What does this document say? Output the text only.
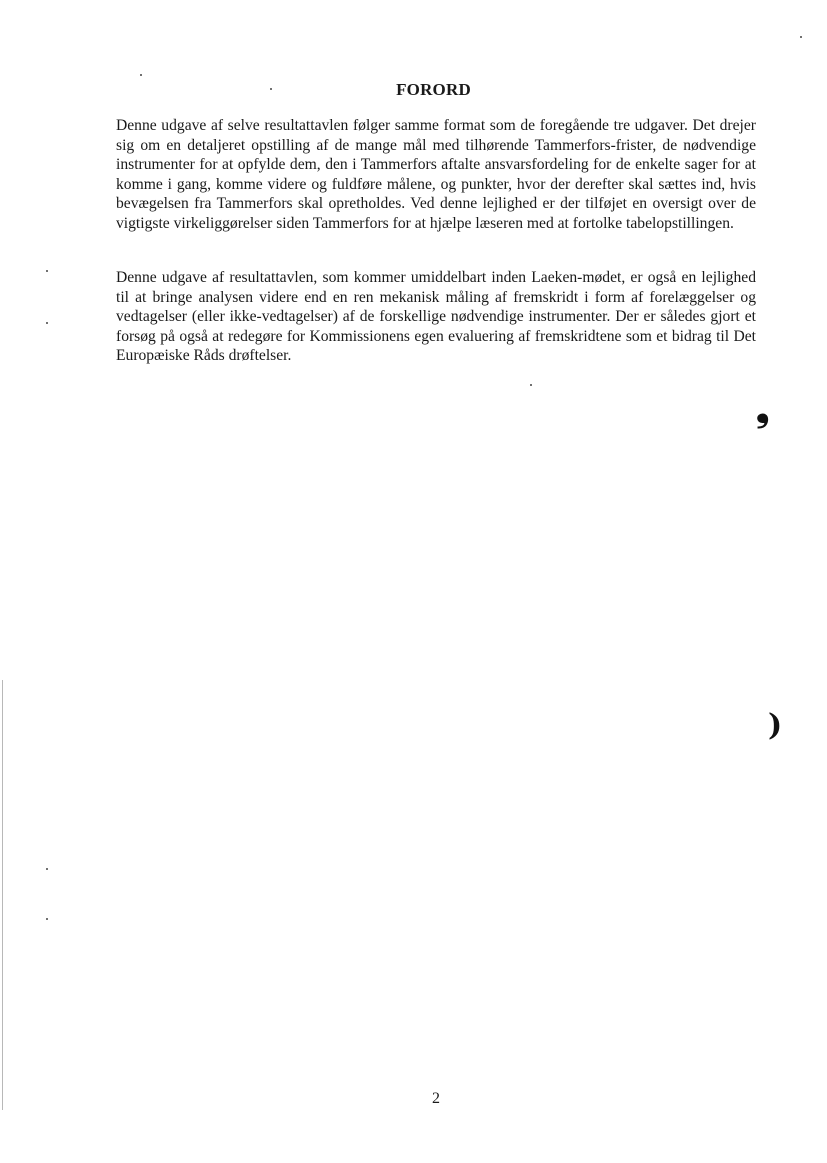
FORORD

Denne udgave af selve resultattavlen følger samme format som de foregående tre udgaver. Det drejer sig om en detaljeret opstilling af de mange mål med tilhørende Tammerfors-frister, de nødvendige instrumenter for at opfylde dem, den i Tammerfors aftalte ansvarsfordeling for de enkelte sager for at komme i gang, komme videre og fuldføre målene, og punkter, hvor der derefter skal sættes ind, hvis bevægelsen fra Tammerfors skal opretholdes. Ved denne lejlighed er der tilføjet en oversigt over de vigtigste virkeliggørelser siden Tammerfors for at hjælpe læseren med at fortolke tabelopstillingen.

Denne udgave af resultattavlen, som kommer umiddelbart inden Laeken-mødet, er også en lejlighed til at bringe analysen videre end en ren mekanisk måling af fremskridt i form af forelæggelser og vedtagelser (eller ikke-vedtagelser) af de forskellige nødvendige instrumenter. Der er således gjort et forsøg på også at redegøre for Kommissionens egen evaluering af fremskridtene som et bidrag til Det Europæiske Råds drøftelser.

2
❟
)
